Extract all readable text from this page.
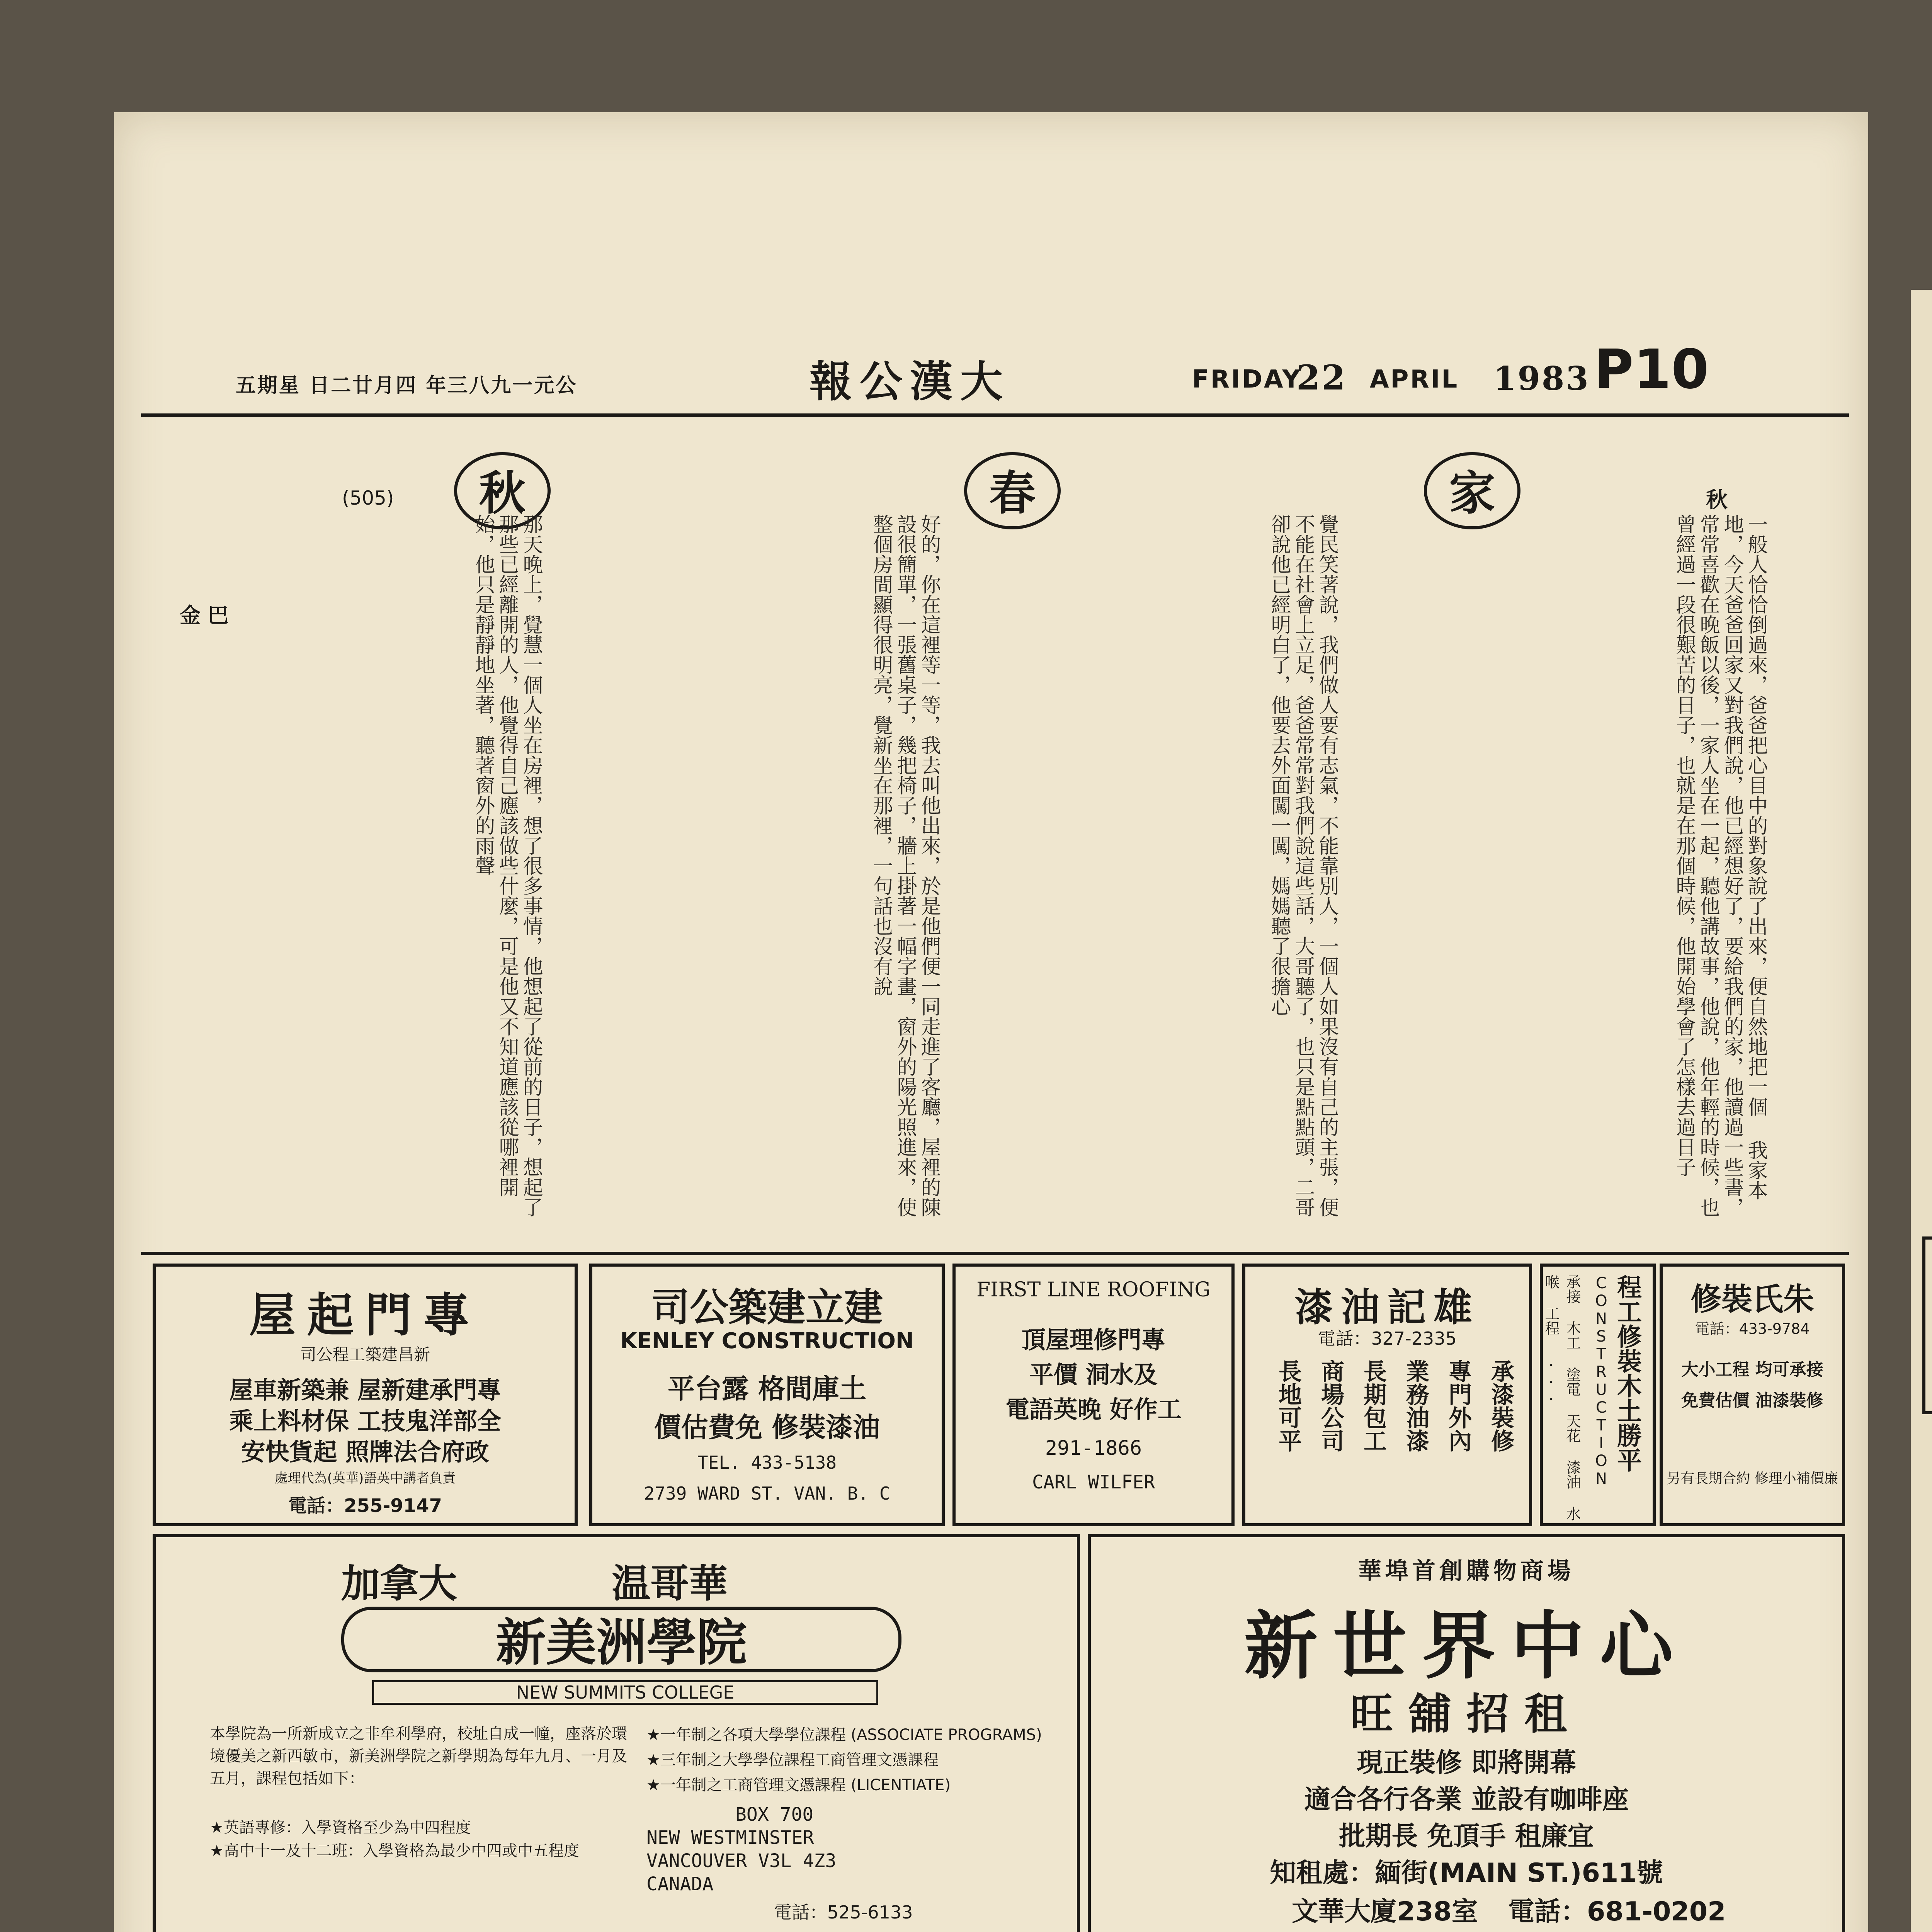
五期星 日二廿月四 年三八九一元公	報公漢大	FRIDAY
22 APRIL 1983 P10
金 巴
(505)	秋	春	家	秋
那天晚上，覺慧一個人坐在房裡，想了很多事情，他想起了從前的日子，想起了那些已經離開的人，他覺得自己應該做些什麼，可是他又不知道應該從哪裡開始，他只是靜靜地坐著，聽著窗外的雨聲	好的，你在這裡等一等，我去叫他出來，於是他們便一同走進了客廳，屋裡的陳設很簡單，一張舊桌子，幾把椅子，牆上掛著一幅字畫，窗外的陽光照進來，使整個房間顯得很明亮，覺新坐在那裡，一句話也沒有說	覺民笑著說，我們做人要有志氣，不能靠別人，一個人如果沒有自己的主張，便不能在社會上立足，爸爸常常對我們說這些話，大哥聽了，也只是點點頭，二哥卻說他已經明白了，他要去外面闖一闖，媽媽聽了很擔心	一般人恰恰倒過來，爸爸把心目中的對象說了出來，便自然地把一個 我家本地，今天爸爸回家又對我們說，他已經想好了，要給我們的家，他讀過一些書，常常喜歡在晚飯以後，一家人坐在一起，聽他講故事，他說，他年輕的時候，也曾經過一段很艱苦的日子，也就是在那個時候，他開始學會了怎樣去過日子
屋起門專
司公程工築建昌新
屋車新築兼 屋新建承門專
乘上料材保 工技鬼洋部全
安快貨起 照牌法合府政
處理代為(英華)語英中講者負責
電話：255-9147
司公築建立建
KENLEY CONSTRUCTION
平台露 格間庫土
價估費免 修裝漆油
TEL. 433-5138
2739 WARD ST. VAN. B. C
FIRST LINE ROOFING
頂屋理修門專
平價 洞水及
電語英晚 好作工
291-1866
CARL WILFER
漆油記雄
電話：327-2335
承漆裝修
專門外內
業務油漆
長期包工
商場公司
長地可平	程工修裝木土勝平
CONSTRUCTION
承接 木工 塗電 天花 漆油 水喉 工程 ...	修裝氏朱
電話：433-9784
大小工程 均可承接
免費估價 油漆裝修
另有長期合約 修理小補價廉
加拿大	温哥華
新美洲學院
NEW SUMMITS COLLEGE
本學院為一所新成立之非牟利學府，校址自成一幢，座落於環境優美之新西敏市，新美洲學院之新學期為每年九月、一月及五月，課程包括如下：
★英語專修：入學資格至少為中四程度
★高中十一及十二班：入學資格為最少中四或中五程度
★一年制之各項大學學位課程 (ASSOCIATE PROGRAMS)
★三年制之大學學位課程工商管理文憑課程
★一年制之工商管理文憑課程 (LICENTIATE)
BOX 700
NEW WESTMINSTER
VANCOUVER V3L 4Z3
CANADA
電話：525-6133
華埠首創購物商場
新世界中心
旺舖招租
現正裝修 即將開幕
適合各行各業 並設有咖啡座
批期長 免頂手 租廉宜
知租處：緬街(MAIN ST.)611號
文華大廈238室 電話：681-0202
